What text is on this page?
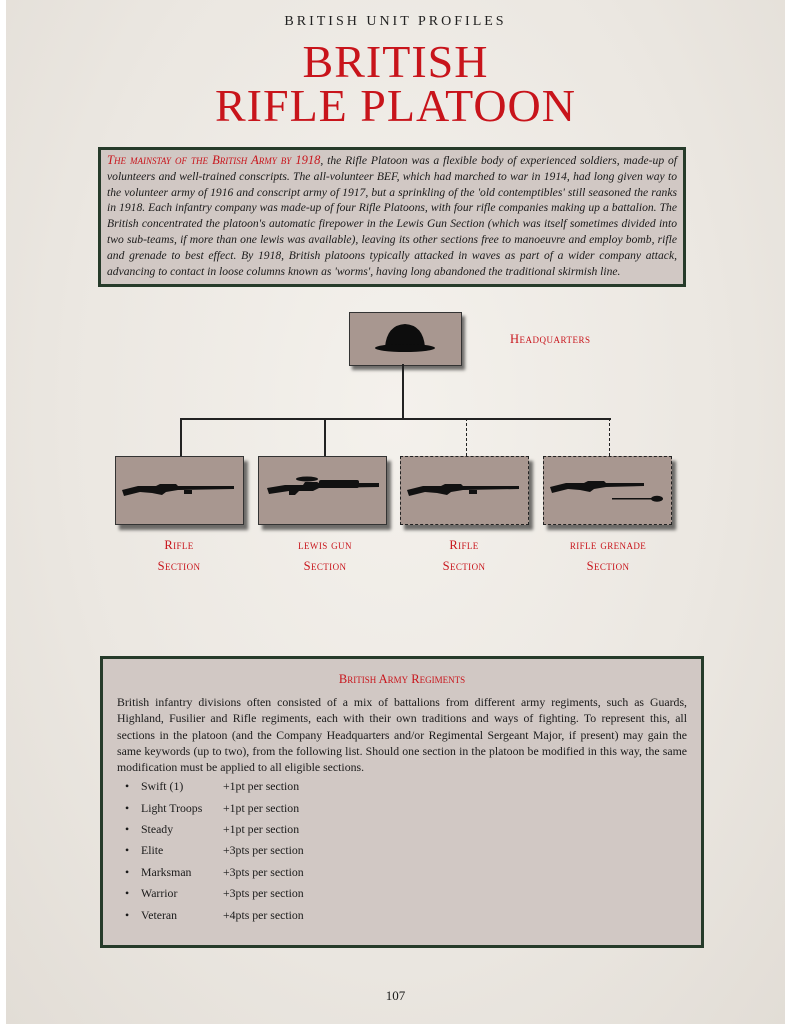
BRITISH UNIT PROFILES
BRITISH
RIFLE PLATOON
The mainstay of the British Army by 1918, the Rifle Platoon was a flexible body of experienced soldiers, made-up of volunteers and well-trained conscripts. The all-volunteer BEF, which had marched to war in 1914, had long given way to the volunteer army of 1916 and conscript army of 1917, but a sprinkling of the 'old contemptibles' still seasoned the ranks in 1918. Each infantry company was made-up of four Rifle Platoons, with four rifle companies making up a battalion. The British concentrated the platoon's automatic firepower in the Lewis Gun Section (which was itself sometimes divided into two sub-teams, if more than one lewis was available), leaving its other sections free to manoeuvre and employ bomb, rifle and grenade to best effect. By 1918, British platoons typically attacked in waves as part of a wider company attack, advancing to contact in loose columns known as 'worms', having long abandoned the traditional skirmish line.
Headquarters
Rifle
Section
lewis gun
Section
Rifle
Section
rifle grenade
Section
British Army Regiments

British infantry divisions often consisted of a mix of battalions from different army regiments, such as Guards, Highland, Fusilier and Rifle regiments, each with their own traditions and ways of fighting. To represent this, all sections in the platoon (and the Company Headquarters and/or Regimental Sergeant Major, if present) may gain the same keywords (up to two), from the following list. Should one section in the platoon be modified in this way, the same modification must be applied to all eligible sections.

• Swift (1)	+1pt per section
• Light Troops +1pt per section
• Steady	+1pt per section
• Elite	+3pts per section
• Marksman	+3pts per section
• Warrior	+3pts per section
• Veteran	+4pts per section
107
